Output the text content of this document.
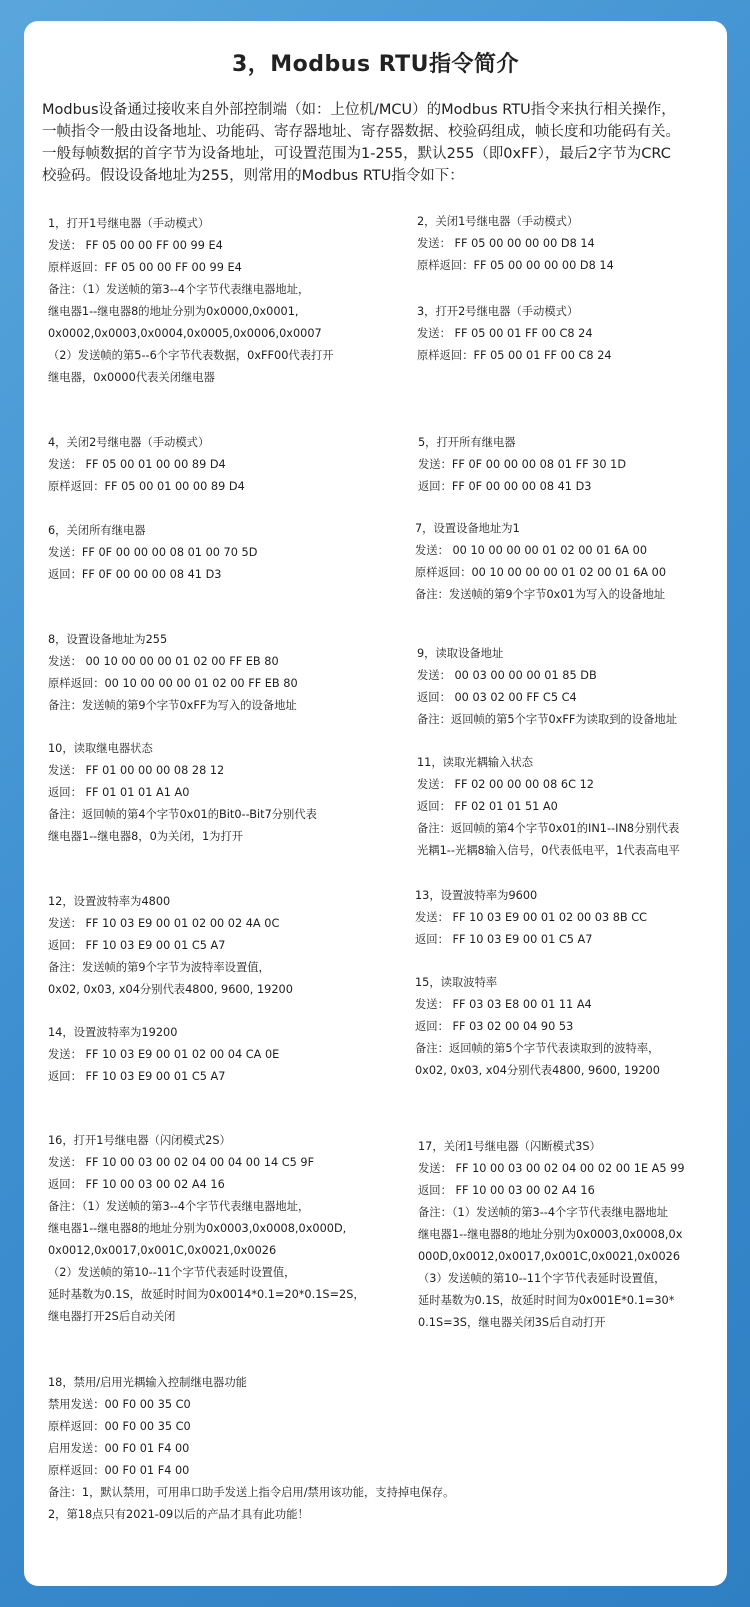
3，Modbus RTU指令简介

Modbus设备通过接收来自外部控制端（如：上位机/MCU）的Modbus RTU指令来执行相关操作，

一帧指令一般由设备地址、功能码、寄存器地址、寄存器数据、校验码组成，帧长度和功能码有关。

一般每帧数据的首字节为设备地址，可设置范围为1-255，默认255（即0xFF），最后2字节为CRC

校验码。假设设备地址为255，则常用的Modbus RTU指令如下：

1，打开1号继电器（手动模式）
发送： FF 05 00 00 FF 00 99 E4
原样返回：FF 05 00 00 FF 00 99 E4
备注：（1）发送帧的第3--4个字节代表继电器地址，
继电器1--继电器8的地址分别为0x0000,0x0001,
0x0002,0x0003,0x0004,0x0005,0x0006,0x0007
（2）发送帧的第5--6个字节代表数据，0xFF00代表打开
继电器，0x0000代表关闭继电器
2，关闭1号继电器（手动模式）
发送： FF 05 00 00 00 00 D8 14
原样返回：FF 05 00 00 00 00 D8 14
3，打开2号继电器（手动模式）
发送： FF 05 00 01 FF 00 C8 24
原样返回：FF 05 00 01 FF 00 C8 24
4，关闭2号继电器（手动模式）
发送： FF 05 00 01 00 00 89 D4
原样返回：FF 05 00 01 00 00 89 D4
5，打开所有继电器
发送：FF 0F 00 00 00 08 01 FF 30 1D
返回：FF 0F 00 00 00 08 41 D3
6，关闭所有继电器
发送：FF 0F 00 00 00 08 01 00 70 5D
返回：FF 0F 00 00 00 08 41 D3
7，设置设备地址为1
发送： 00 10 00 00 00 01 02 00 01 6A 00
原样返回：00 10 00 00 00 01 02 00 01 6A 00
备注：发送帧的第9个字节0x01为写入的设备地址
8，设置设备地址为255
发送： 00 10 00 00 00 01 02 00 FF EB 80
原样返回：00 10 00 00 00 01 02 00 FF EB 80
备注：发送帧的第9个字节0xFF为写入的设备地址
9，读取设备地址
发送： 00 03 00 00 00 01 85 DB
返回： 00 03 02 00 FF C5 C4
备注：返回帧的第5个字节0xFF为读取到的设备地址
10，读取继电器状态
发送： FF 01 00 00 00 08 28 12
返回： FF 01 01 01 A1 A0
备注：返回帧的第4个字节0x01的Bit0--Bit7分别代表
继电器1--继电器8，0为关闭，1为打开
11，读取光耦输入状态
发送： FF 02 00 00 00 08 6C 12
返回： FF 02 01 01 51 A0
备注：返回帧的第4个字节0x01的IN1--IN8分别代表
光耦1--光耦8输入信号，0代表低电平，1代表高电平
12，设置波特率为4800
发送： FF 10 03 E9 00 01 02 00 02 4A 0C
返回： FF 10 03 E9 00 01 C5 A7
备注：发送帧的第9个字节为波特率设置值，
0x02, 0x03, x04分别代表4800, 9600, 19200
13，设置波特率为9600
发送： FF 10 03 E9 00 01 02 00 03 8B CC
返回： FF 10 03 E9 00 01 C5 A7
14，设置波特率为19200
发送： FF 10 03 E9 00 01 02 00 04 CA 0E
返回： FF 10 03 E9 00 01 C5 A7
15，读取波特率
发送： FF 03 03 E8 00 01 11 A4
返回： FF 03 02 00 04 90 53
备注：返回帧的第5个字节代表读取到的波特率，
0x02, 0x03, x04分别代表4800, 9600, 19200
16，打开1号继电器（闪闭模式2S）
发送： FF 10 00 03 00 02 04 00 04 00 14 C5 9F
返回： FF 10 00 03 00 02 A4 16
备注：（1）发送帧的第3--4个字节代表继电器地址，
继电器1--继电器8的地址分别为0x0003,0x0008,0x000D,
0x0012,0x0017,0x001C,0x0021,0x0026
（2）发送帧的第10--11个字节代表延时设置值，
延时基数为0.1S，故延时时间为0x0014*0.1=20*0.1S=2S，
继电器打开2S后自动关闭
17，关闭1号继电器（闪断模式3S）
发送： FF 10 00 03 00 02 04 00 02 00 1E A5 99
返回： FF 10 00 03 00 02 A4 16
备注：（1）发送帧的第3--4个字节代表继电器地址
继电器1--继电器8的地址分别为0x0003,0x0008,0x
000D,0x0012,0x0017,0x001C,0x0021,0x0026
（3）发送帧的第10--11个字节代表延时设置值，
延时基数为0.1S，故延时时间为0x001E*0.1=30*
0.1S=3S，继电器关闭3S后自动打开
18，禁用/启用光耦输入控制继电器功能
禁用发送：00 F0 00 35 C0
原样返回：00 F0 00 35 C0
启用发送：00 F0 01 F4 00
原样返回：00 F0 01 F4 00
备注：1，默认禁用，可用串口助手发送上指令启用/禁用该功能，支持掉电保存。
2，第18点只有2021-09以后的产品才具有此功能！
